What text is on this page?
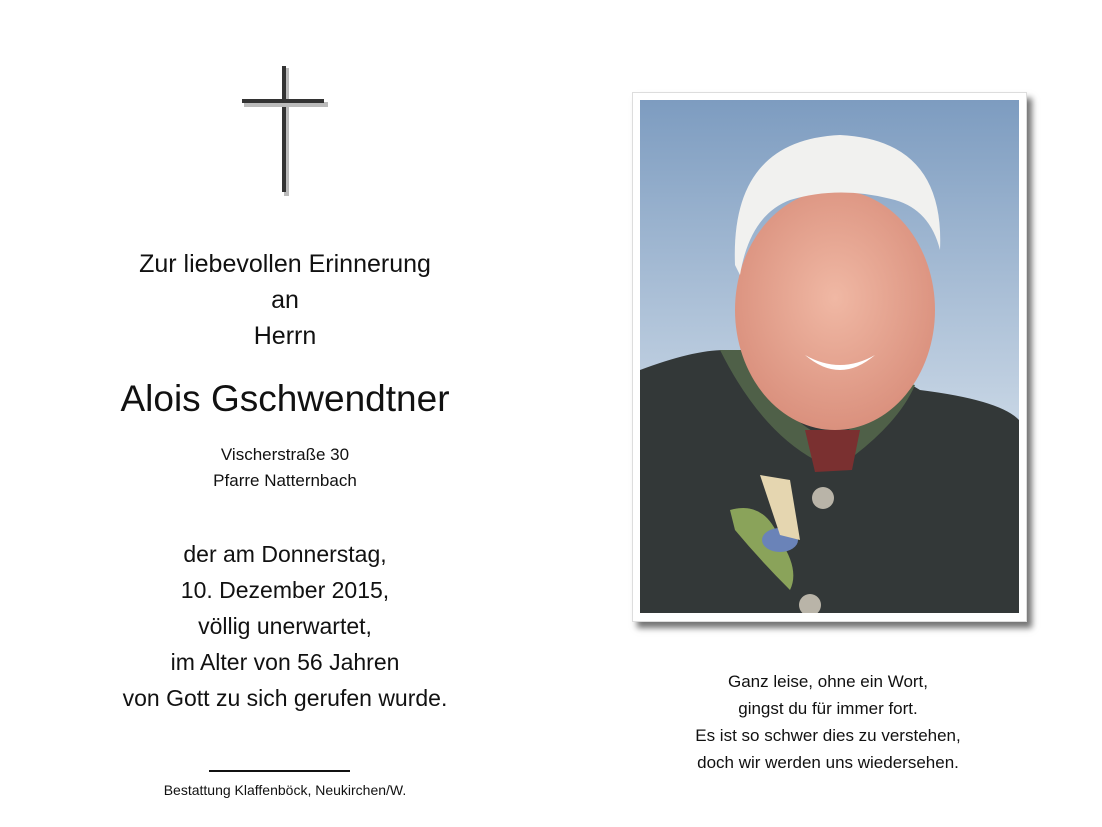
Zur liebevollen Erinnerung
an
Herrn
Alois Gschwendtner
Vischerstraße 30
Pfarre Natternbach
der am Donnerstag,
10. Dezember 2015,
völlig unerwartet,
im Alter von 56 Jahren
von Gott zu sich gerufen wurde.
Bestattung Klaffenböck, Neukirchen/W.
Ganz leise, ohne ein Wort,
gingst du für immer fort.
Es ist so schwer dies zu verstehen,
doch wir werden uns wiedersehen.
